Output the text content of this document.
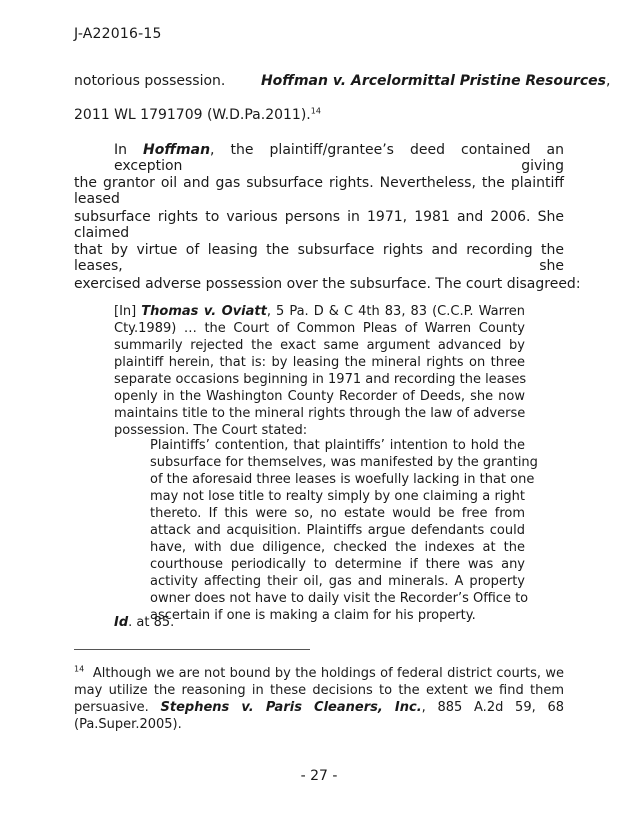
J-A22016-15
notorious possession.	Hoffman v. Arcelormittal Pristine Resources,
2011 WL 1791709 (W.D.Pa.2011).$^{14}$
In Hoffman, the plaintiff/grantee’s deed contained an exception giving
the grantor oil and gas subsurface rights. Nevertheless, the plaintiff leased
subsurface rights to various persons in 1971, 1981 and 2006. She claimed
that by virtue of leasing the subsurface rights and recording the leases, she
exercised adverse possession over the subsurface. The court disagreed:
[In] Thomas v. Oviatt, 5 Pa. D & C 4th 83, 83 (C.C.P. Warren
Cty.1989) … the Court of Common Pleas of Warren County
summarily rejected the exact same argument advanced by
plaintiff herein, that is: by leasing the mineral rights on three
separate occasions beginning in 1971 and recording the leases
openly in the Washington County Recorder of Deeds, she now
maintains title to the mineral rights through the law of adverse
possession. The Court stated:
Plaintiffs’ contention, that plaintiffs’ intention to hold the
subsurface for themselves, was manifested by the granting
of the aforesaid three leases is woefully lacking in that one
may not lose title to realty simply by one claiming a right
thereto. If this were so, no estate would be free from
attack and acquisition. Plaintiffs argue defendants could
have, with due diligence, checked the indexes at the
courthouse periodically to determine if there was any
activity affecting their oil, gas and minerals. A property
owner does not have to daily visit the Recorder’s Office to
ascertain if one is making a claim for his property.
Id. at 85.
$^{14}$ Although we are not bound by the holdings of federal district courts, we
may utilize the reasoning in these decisions to the extent we find them
persuasive. Stephens v. Paris Cleaners, Inc., 885 A.2d 59, 68
(Pa.Super.2005).
- 27 -
